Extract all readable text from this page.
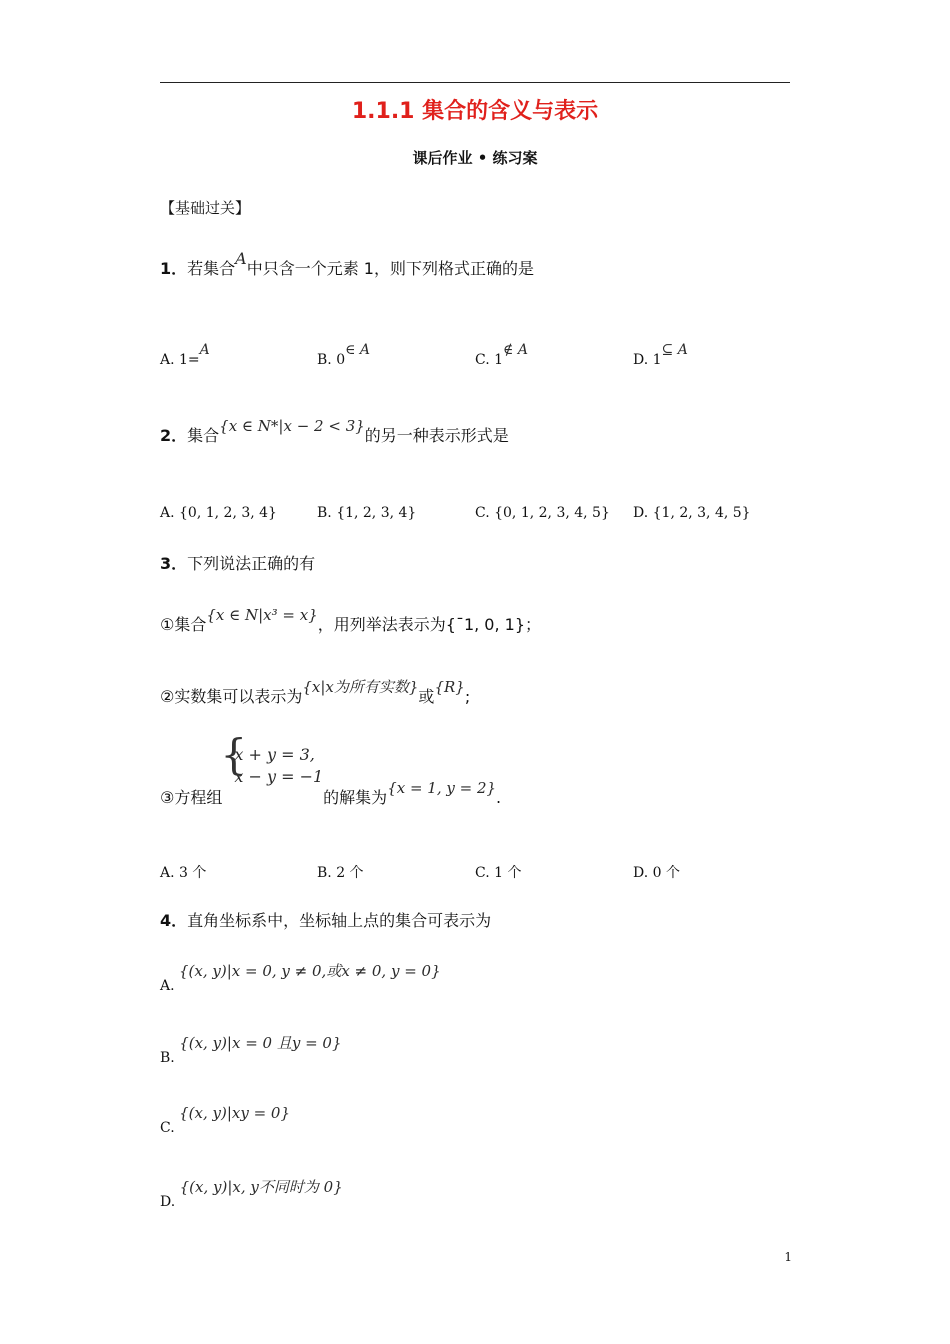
1.1.1 集合的含义与表示
课后作业 • 练习案
【基础过关】
1．若集合A中只含一个元素 1，则下列格式正确的是
A. 1=A
B. 0∈ A
C. 1∉ A
D. 1⊆ A
2．集合{x ∈ N*|x − 2 < 3}的另一种表示形式是
A. {0, 1, 2, 3, 4}	B. {1, 2, 3, 4}	C. {0, 1, 2, 3, 4, 5} D. {1, 2, 3, 4, 5}
3．下列说法正确的有
①集合{x ∈ N|x³ = x}，用列举法表示为{¯1, 0, 1}；
②实数集可以表示为{x|x为所有实数}或{R};
③方程组
{
x + y = 3,
x − y = −1
的解集为{x = 1, y = 2}.
A. 3 个	B. 2 个	C. 1 个	D. 0 个
4．直角坐标系中，坐标轴上点的集合可表示为
A. {(x, y)|x = 0, y ≠ 0,或x ≠ 0, y = 0}
B. {(x, y)|x = 0 且y = 0}
C. {(x, y)|xy = 0}
D. {(x, y)|x, y不同时为 0}
1
